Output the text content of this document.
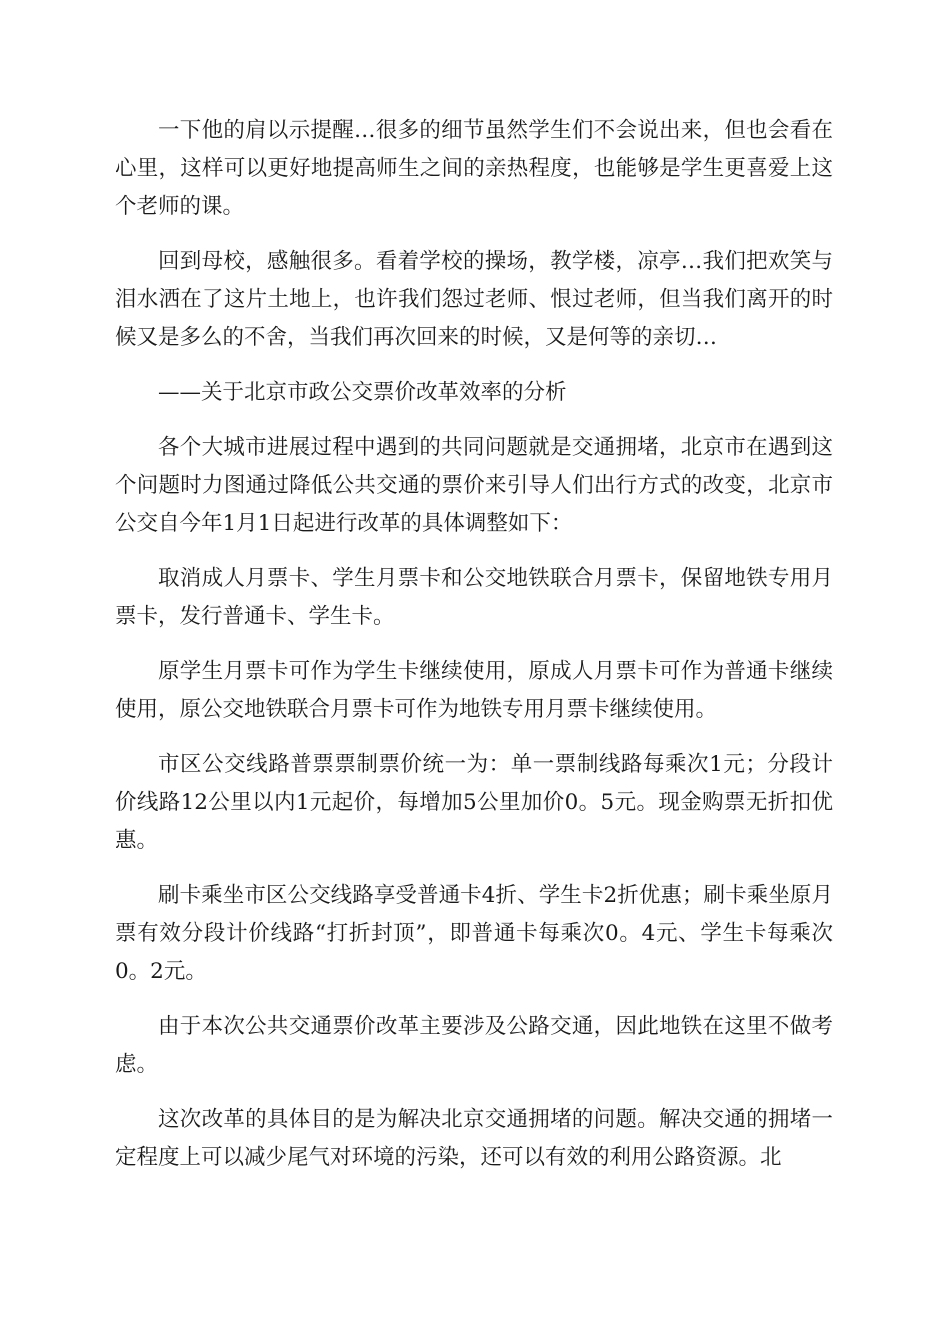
一下他的肩以示提醒…很多的细节虽然学生们不会说出来，但也会看在心里，这样可以更好地提高师生之间的亲热程度，也能够是学生更喜爱上这个老师的课。

回到母校，感触很多。看着学校的操场，教学楼，凉亭…我们把欢笑与泪水洒在了这片土地上，也许我们怨过老师、恨过老师，但当我们离开的时候又是多么的不舍，当我们再次回来的时候，又是何等的亲切…

——关于北京市政公交票价改革效率的分析

各个大城市进展过程中遇到的共同问题就是交通拥堵，北京市在遇到这个问题时力图通过降低公共交通的票价来引导人们出行方式的改变，北京市公交自今年1月1日起进行改革的具体调整如下：

取消成人月票卡、学生月票卡和公交地铁联合月票卡，保留地铁专用月票卡，发行普通卡、学生卡。

原学生月票卡可作为学生卡继续使用，原成人月票卡可作为普通卡继续使用，原公交地铁联合月票卡可作为地铁专用月票卡继续使用。

市区公交线路普票票制票价统一为：单一票制线路每乘次1元；分段计价线路12公里以内1元起价，每增加5公里加价0。5元。现金购票无折扣优惠。

刷卡乘坐市区公交线路享受普通卡4折、学生卡2折优惠；刷卡乘坐原月票有效分段计价线路“打折封顶”，即普通卡每乘次0。4元、学生卡每乘次0。2元。

由于本次公共交通票价改革主要涉及公路交通，因此地铁在这里不做考虑。

这次改革的具体目的是为解决北京交通拥堵的问题。解决交通的拥堵一定程度上可以减少尾气对环境的污染，还可以有效的利用公路资源。北
